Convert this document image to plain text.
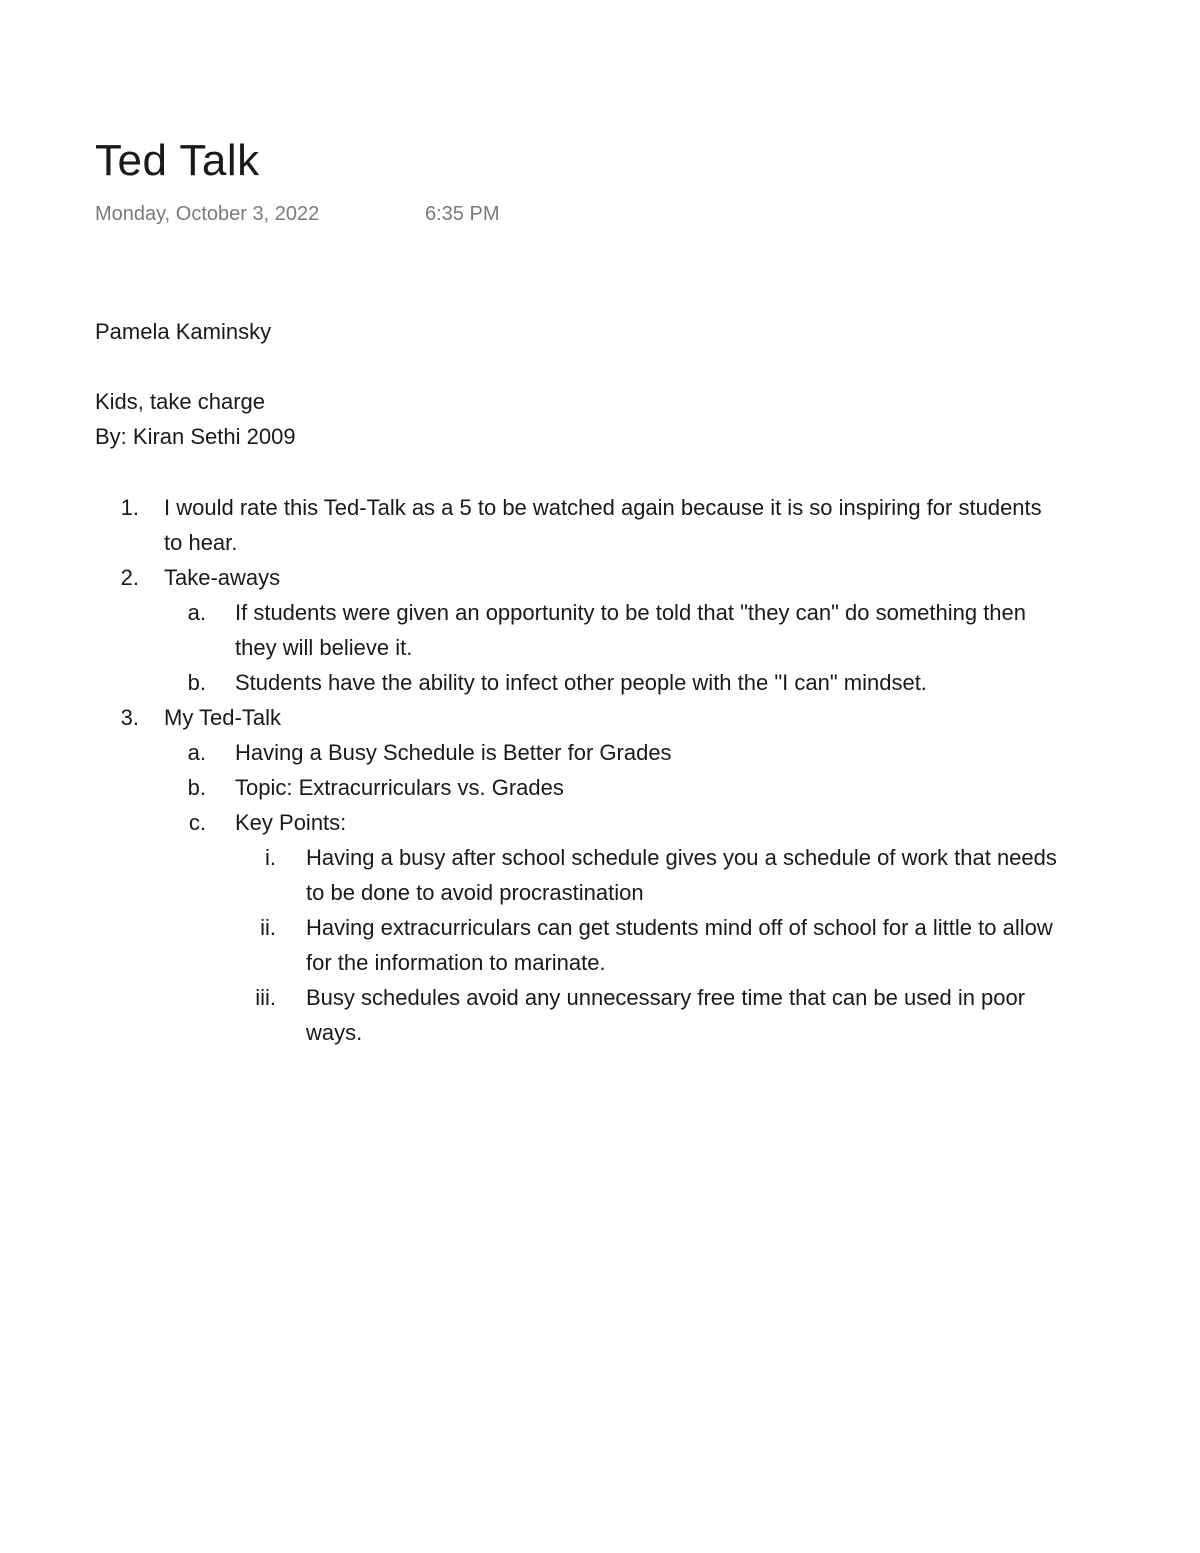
Ted Talk
Monday, October 3, 2022	6:35 PM
Pamela Kaminsky
Kids, take charge
By: Kiran Sethi 2009
1. I would rate this Ted-Talk as a 5 to be watched again because it is so inspiring for students
to hear.
2. Take-aways
a. If students were given an opportunity to be told that "they can" do something then
they will believe it.
b. Students have the ability to infect other people with the "I can" mindset.
3. My Ted-Talk
a. Having a Busy Schedule is Better for Grades
b. Topic: Extracurriculars vs. Grades
c. Key Points:
i. Having a busy after school schedule gives you a schedule of work that needs
to be done to avoid procrastination
ii. Having extracurriculars can get students mind off of school for a little to allow
for the information to marinate.
iii. Busy schedules avoid any unnecessary free time that can be used in poor
ways.
